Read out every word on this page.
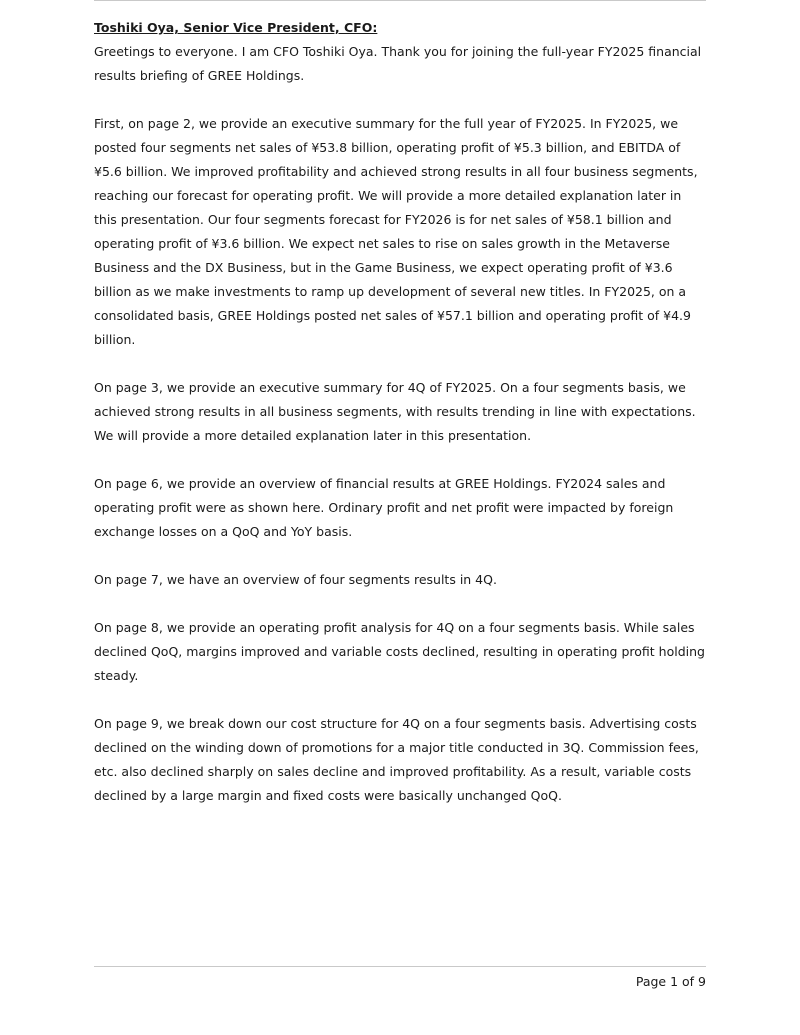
Toshiki Oya, Senior Vice President, CFO:

Greetings to everyone. I am CFO Toshiki Oya. Thank you for joining the full-year FY2025 financial results briefing of GREE Holdings.

First, on page 2, we provide an executive summary for the full year of FY2025. In FY2025, we posted four segments net sales of ¥53.8 billion, operating profit of ¥5.3 billion, and EBITDA of ¥5.6 billion. We improved profitability and achieved strong results in all four business segments, reaching our forecast for operating profit. We will provide a more detailed explanation later in this presentation. Our four segments forecast for FY2026 is for net sales of ¥58.1 billion and operating profit of ¥3.6 billion. We expect net sales to rise on sales growth in the Metaverse Business and the DX Business, but in the Game Business, we expect operating profit of ¥3.6 billion as we make investments to ramp up development of several new titles. In FY2025, on a consolidated basis, GREE Holdings posted net sales of ¥57.1 billion and operating profit of ¥4.9 billion.

On page 3, we provide an executive summary for 4Q of FY2025. On a four segments basis, we achieved strong results in all business segments, with results trending in line with expectations. We will provide a more detailed explanation later in this presentation.

On page 6, we provide an overview of financial results at GREE Holdings. FY2024 sales and operating profit were as shown here. Ordinary profit and net profit were impacted by foreign exchange losses on a QoQ and YoY basis.

On page 7, we have an overview of four segments results in 4Q.

On page 8, we provide an operating profit analysis for 4Q on a four segments basis. While sales declined QoQ, margins improved and variable costs declined, resulting in operating profit holding steady.

On page 9, we break down our cost structure for 4Q on a four segments basis. Advertising costs declined on the winding down of promotions for a major title conducted in 3Q. Commission fees, etc. also declined sharply on sales decline and improved profitability. As a result, variable costs declined by a large margin and fixed costs were basically unchanged QoQ.

Page 1 of 9
